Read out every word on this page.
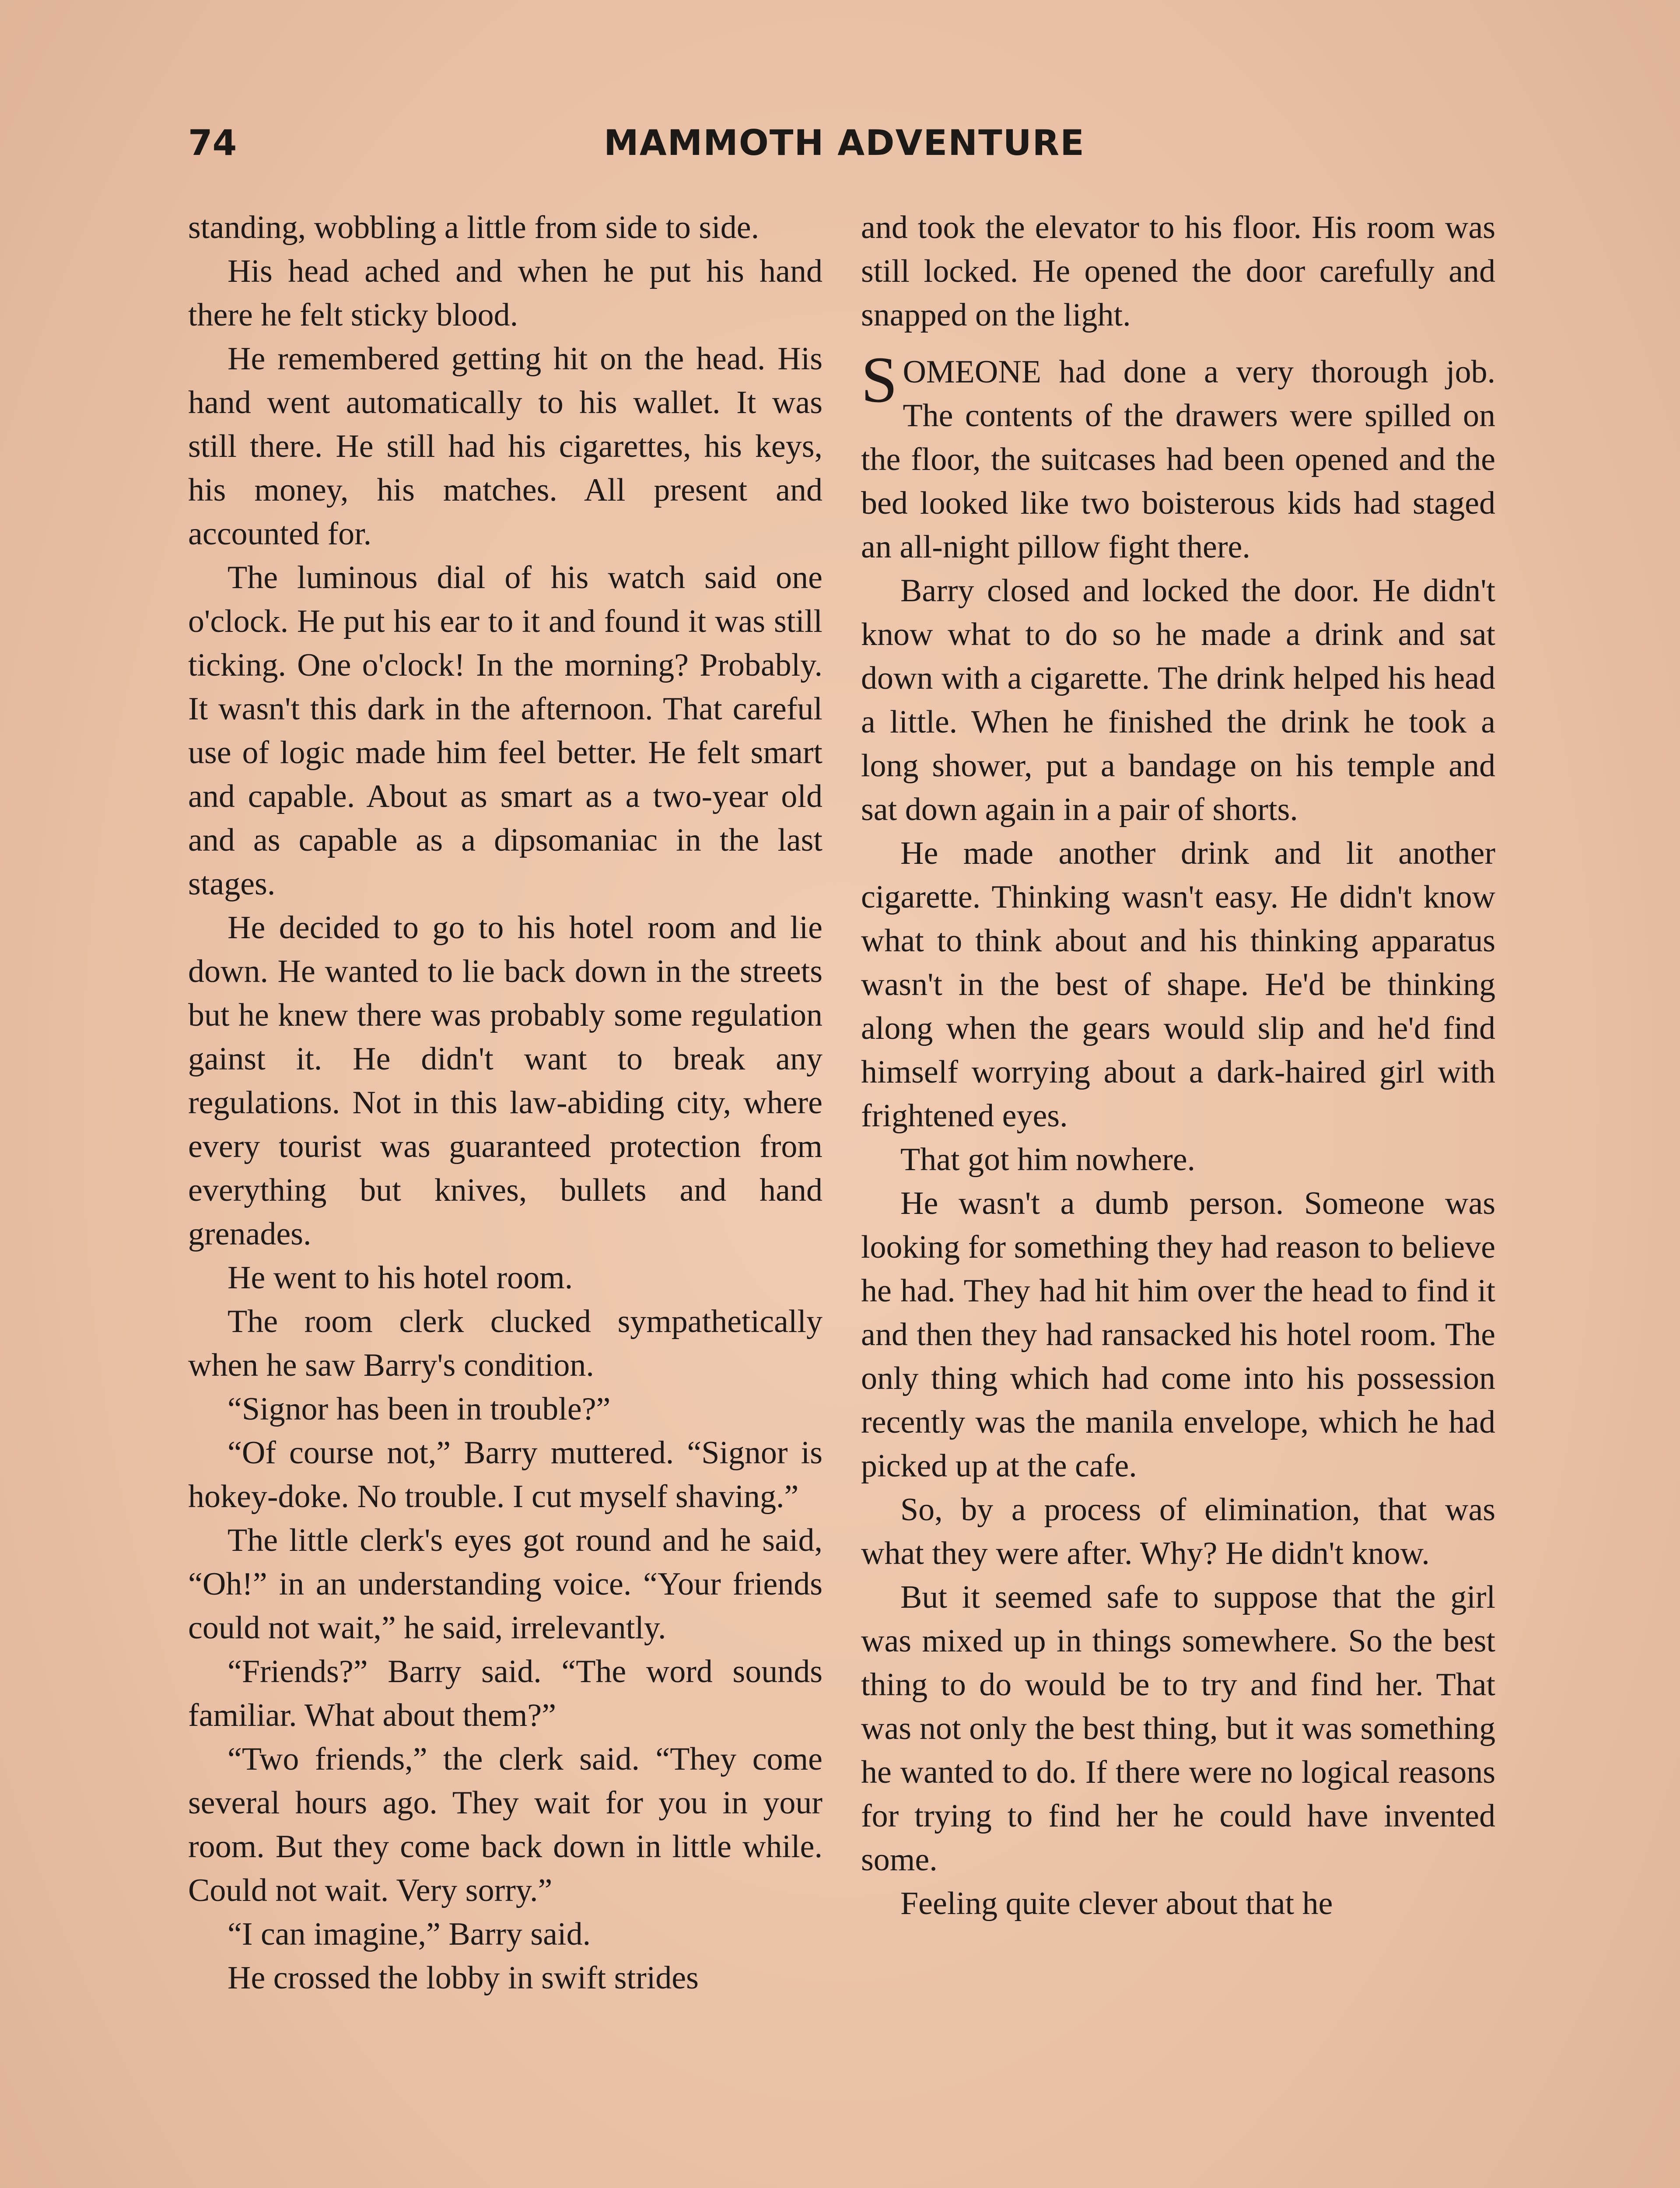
74	MAMMOTH ADVENTURE

standing, wobbling a little from side to side.

His head ached and when he put his hand there he felt sticky blood.

He remembered getting hit on the head. His hand went automatically to his wallet. It was still there. He still had his cigarettes, his keys, his money, his matches. All present and accounted for.

The luminous dial of his watch said one o'clock. He put his ear to it and found it was still ticking. One o'clock! In the morning? Probably. It wasn't this dark in the afternoon. That careful use of logic made him feel better. He felt smart and capable. About as smart as a two-year old and as capable as a dipsomaniac in the last stages.

He decided to go to his hotel room and lie down. He wanted to lie back down in the streets but he knew there was probably some regulation gainst it. He didn't want to break any regulations. Not in this law-abiding city, where every tourist was guaranteed protection from everything but knives, bullets and hand grenades.

He went to his hotel room.

The room clerk clucked sympathetically when he saw Barry's condition.

“Signor has been in trouble?”

“Of course not,” Barry muttered. “Signor is hokey-doke. No trouble. I cut myself shaving.”

The little clerk's eyes got round and he said, “Oh!” in an understanding voice. “Your friends could not wait,” he said, irrelevantly.

“Friends?” Barry said. “The word sounds familiar. What about them?”

“Two friends,” the clerk said. “They come several hours ago. They wait for you in your room. But they come back down in little while. Could not wait. Very sorry.”

“I can imagine,” Barry said.

He crossed the lobby in swift strides

and took the elevator to his floor. His room was still locked. He opened the door carefully and snapped on the light.

SOMEONE had done a very thorough job. The contents of the drawers were spilled on the floor, the suitcases had been opened and the bed looked like two boisterous kids had staged an all-night pillow fight there.

Barry closed and locked the door. He didn't know what to do so he made a drink and sat down with a cigarette. The drink helped his head a little. When he finished the drink he took a long shower, put a bandage on his temple and sat down again in a pair of shorts.

He made another drink and lit another cigarette. Thinking wasn't easy. He didn't know what to think about and his thinking apparatus wasn't in the best of shape. He'd be thinking along when the gears would slip and he'd find himself worrying about a dark-haired girl with frightened eyes.

That got him nowhere.

He wasn't a dumb person. Someone was looking for something they had reason to believe he had. They had hit him over the head to find it and then they had ransacked his hotel room. The only thing which had come into his possession recently was the manila envelope, which he had picked up at the cafe.

So, by a process of elimination, that was what they were after. Why? He didn't know.

But it seemed safe to suppose that the girl was mixed up in things somewhere. So the best thing to do would be to try and find her. That was not only the best thing, but it was something he wanted to do. If there were no logical reasons for trying to find her he could have invented some.

Feeling quite clever about that he
